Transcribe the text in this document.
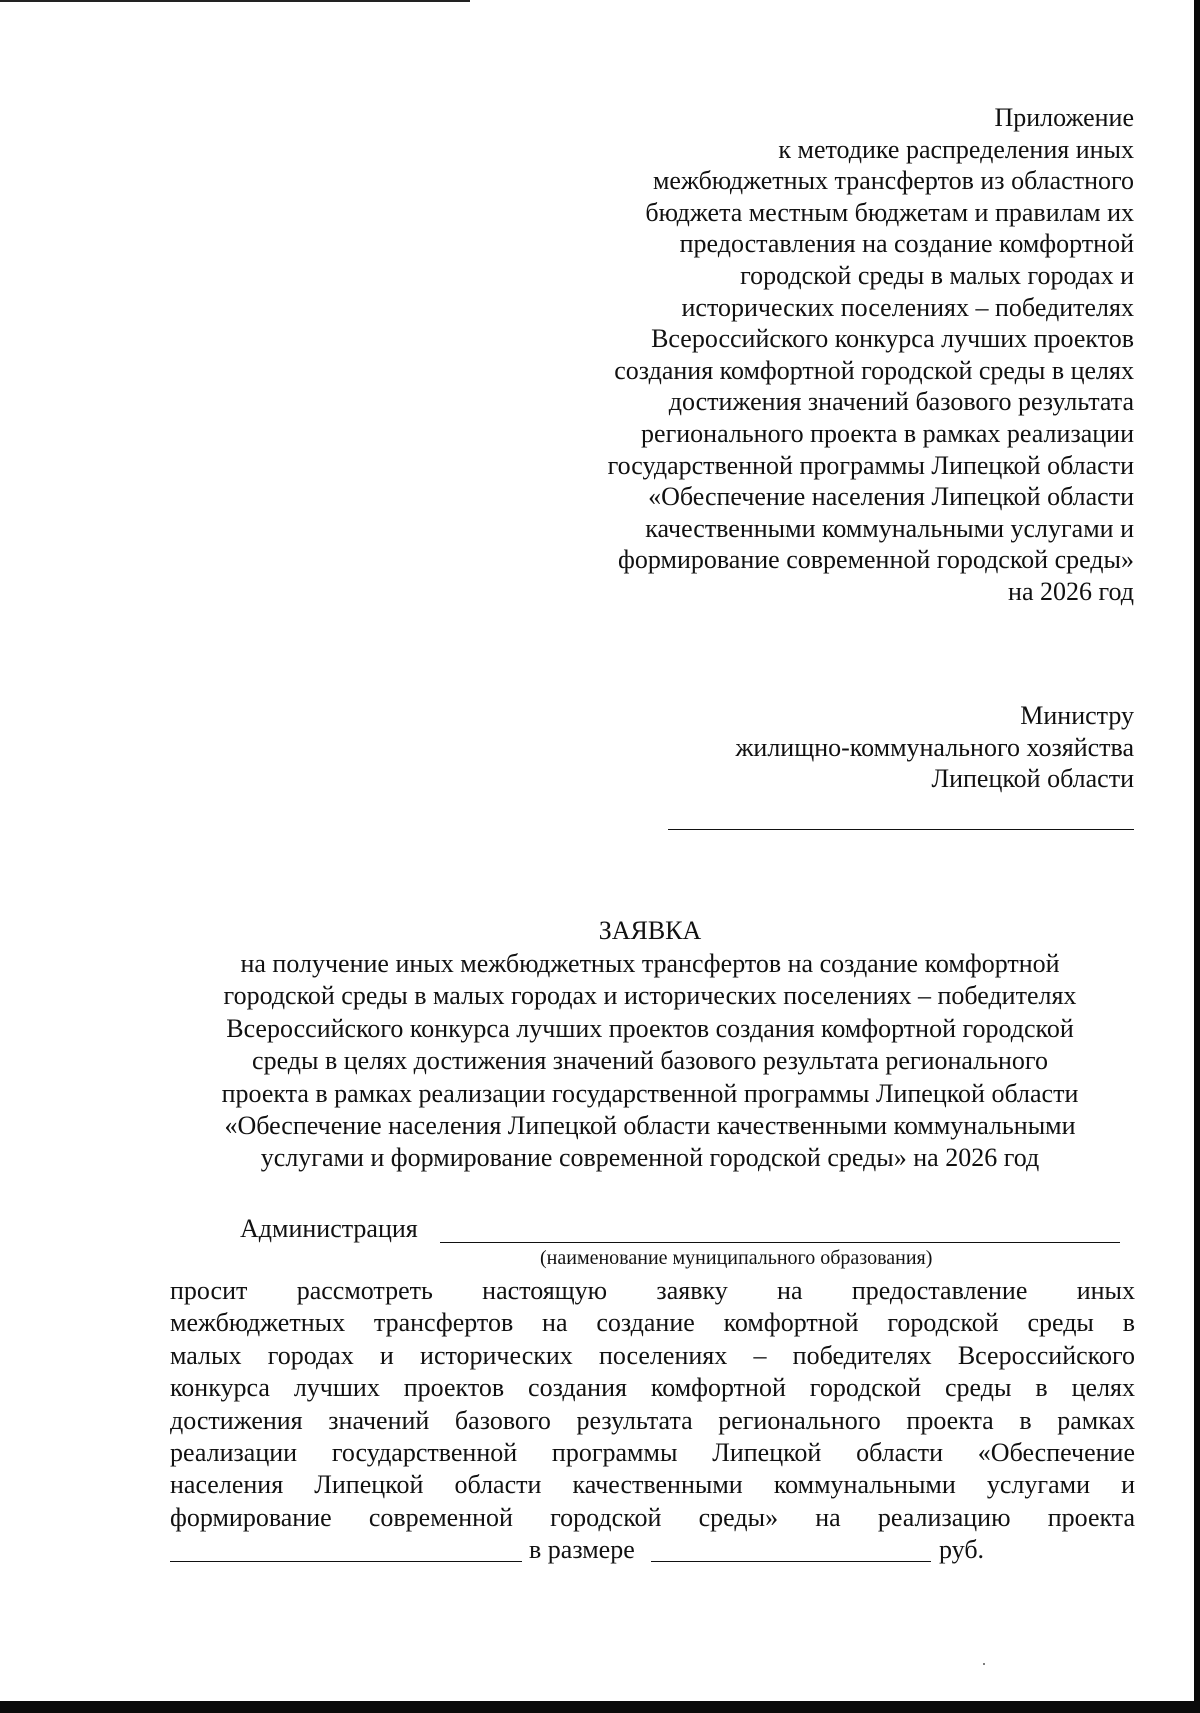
Приложение
к методике распределения иных
межбюджетных трансфертов из областного
бюджета местным бюджетам и правилам их
предоставления на создание комфортной
городской среды в малых городах и
исторических поселениях – победителях
Всероссийского конкурса лучших проектов
создания комфортной городской среды в целях
достижения значений базового результата
регионального проекта в рамках реализации
государственной программы Липецкой области
«Обеспечение населения Липецкой области
качественными коммунальными услугами и
формирование современной городской среды»
на 2026 год
Министру
жилищно-коммунального хозяйства
Липецкой области
ЗАЯВКА
на получение иных межбюджетных трансфертов на создание комфортной
городской среды в малых городах и исторических поселениях – победителях
Всероссийского конкурса лучших проектов создания комфортной городской
среды в целях достижения значений базового результата регионального
проекта в рамках реализации государственной программы Липецкой области
«Обеспечение населения Липецкой области качественными коммунальными
услугами и формирование современной городской среды» на 2026 год
Администрация
(наименование муниципального образования)
просит рассмотреть настоящую заявку на предоставление иных
межбюджетных трансфертов на создание комфортной городской среды в
малых городах и исторических поселениях – победителях Всероссийского
конкурса лучших проектов создания комфортной городской среды в целях
достижения значений базового результата регионального проекта в рамках
реализации государственной программы Липецкой области «Обеспечение
населения Липецкой области качественными коммунальными услугами и
формирование современной городской среды» на реализацию проекта
в размере	руб.
